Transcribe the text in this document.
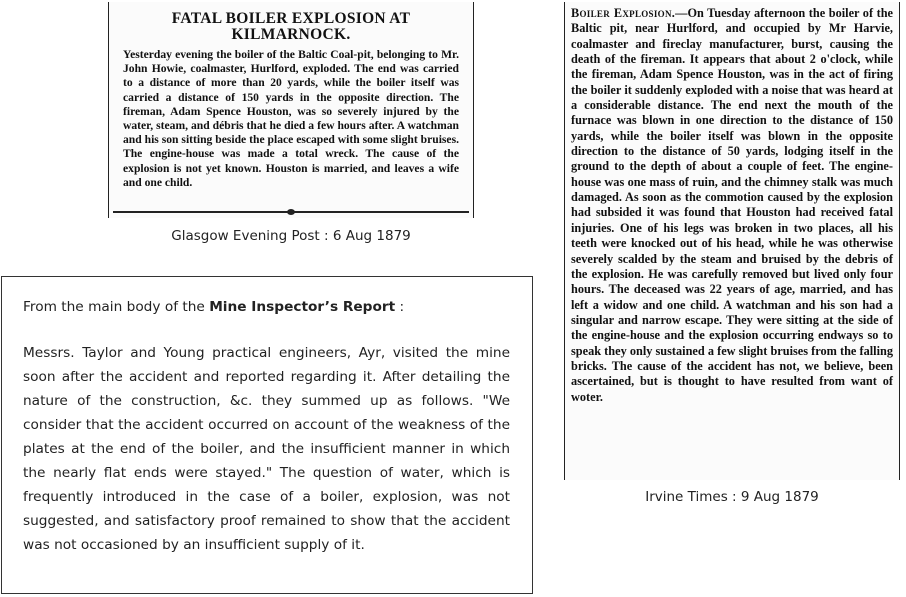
FATAL BOILER EXPLOSION AT KILMARNOCK.
Yesterday evening the boiler of the Baltic Coal-pit, belonging to Mr. John Howie, coalmaster, Hurlford, exploded. The end was carried to a distance of more than 20 yards, while the boiler itself was carried a distance of 150 yards in the opposite direction. The fireman, Adam Spence Houston, was so severely injured by the water, steam, and débris that he died a few hours after. A watchman and his son sitting beside the place escaped with some slight bruises. The engine-house was made a total wreck. The cause of the explosion is not yet known. Houston is married, and leaves a wife and one child.
Glasgow Evening Post : 6 Aug 1879
Boiler Explosion.—On Tuesday afternoon the boiler of the Baltic pit, near Hurlford, and occupied by Mr Harvie, coalmaster and fireclay manufacturer, burst, causing the death of the fireman. It appears that about 2 o'clock, while the fireman, Adam Spence Houston, was in the act of firing the boiler it suddenly exploded with a noise that was heard at a considerable distance. The end next the mouth of the furnace was blown in one direction to the distance of 150 yards, while the boiler itself was blown in the opposite direction to the distance of 50 yards, lodging itself in the ground to the depth of about a couple of feet. The engine-house was one mass of ruin, and the chimney stalk was much damaged. As soon as the commotion caused by the explosion had subsided it was found that Houston had received fatal injuries. One of his legs was broken in two places, all his teeth were knocked out of his head, while he was otherwise severely scalded by the steam and bruised by the debris of the explosion. He was carefully removed but lived only four hours. The deceased was 22 years of age, married, and has left a widow and one child. A watchman and his son had a singular and narrow escape. They were sitting at the side of the engine-house and the explosion occurring endways so to speak they only sustained a few slight bruises from the falling bricks. The cause of the accident has not, we believe, been ascertained, but is thought to have resulted from want of woter.
Irvine Times : 9 Aug 1879

From the main body of the Mine Inspector’s Report :

Messrs. Taylor and Young practical engineers, Ayr, visited the mine soon after the accident and reported regarding it. After detailing the nature of the construction, &c. they summed up as follows. "We consider that the accident occurred on account of the weakness of the plates at the end of the boiler, and the insufficient manner in which the nearly flat ends were stayed." The question of water, which is frequently introduced in the case of a boiler, explosion, was not suggested, and satisfactory proof remained to show that the accident was not occasioned by an insufficient supply of it.
